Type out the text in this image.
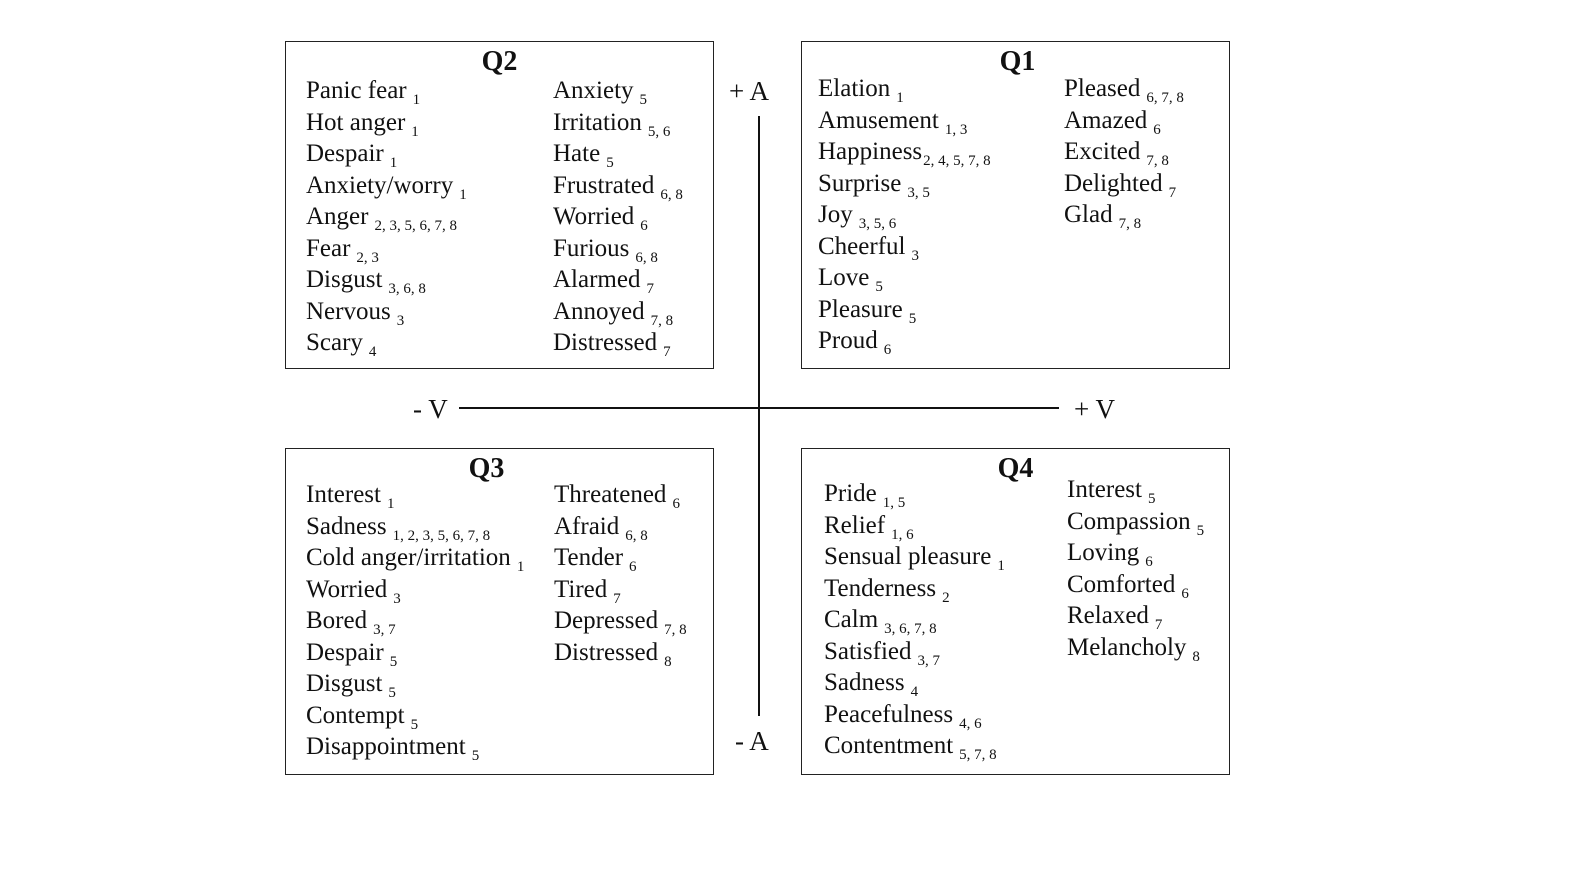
+ A
- A
- V	+ V
Q2
Panic fear $_1$
Hot anger $_1$
Despair $_1$
Anxiety/worry $_1$
Anger $_{2, 3, 5, 6, 7, 8}$
Fear $_{2, 3}$
Disgust $_{3, 6, 8}$
Nervous $_3$
Scary $_4$
Anxiety $_5$
Irritation $_{5, 6}$
Hate $_5$
Frustrated $_{6, 8}$
Worried $_6$
Furious $_{6, 8}$
Alarmed $_7$
Annoyed $_{7, 8}$
Distressed $_7$
Q1
Elation $_1$
Amusement $_{1, 3}$
Happiness$_{2, 4, 5, 7, 8}$
Surprise $_{3, 5}$
Joy $_{3, 5, 6}$
Cheerful $_3$
Love $_5$
Pleasure $_5$
Proud $_6$
Pleased $_{6, 7, 8}$
Amazed $_6$
Excited $_{7, 8}$
Delighted $_7$
Glad $_{7, 8}$
Q3
Interest $_1$
Sadness $_{1, 2, 3, 5, 6, 7, 8}$
Cold anger/irritation $_1$
Worried $_3$
Bored $_{3, 7}$
Despair $_5$
Disgust $_5$
Contempt $_5$
Disappointment $_5$
Threatened $_6$
Afraid $_{6, 8}$
Tender $_6$
Tired $_7$
Depressed $_{7, 8}$
Distressed $_8$
Q4
Pride $_{1, 5}$
Relief $_{1, 6}$
Sensual pleasure $_1$
Tenderness $_2$
Calm $_{3, 6, 7, 8}$
Satisfied $_{3, 7}$
Sadness $_4$
Peacefulness $_{4, 6}$
Contentment $_{5, 7, 8}$
Interest $_5$
Compassion $_5$
Loving $_6$
Comforted $_6$
Relaxed $_7$
Melancholy $_8$
